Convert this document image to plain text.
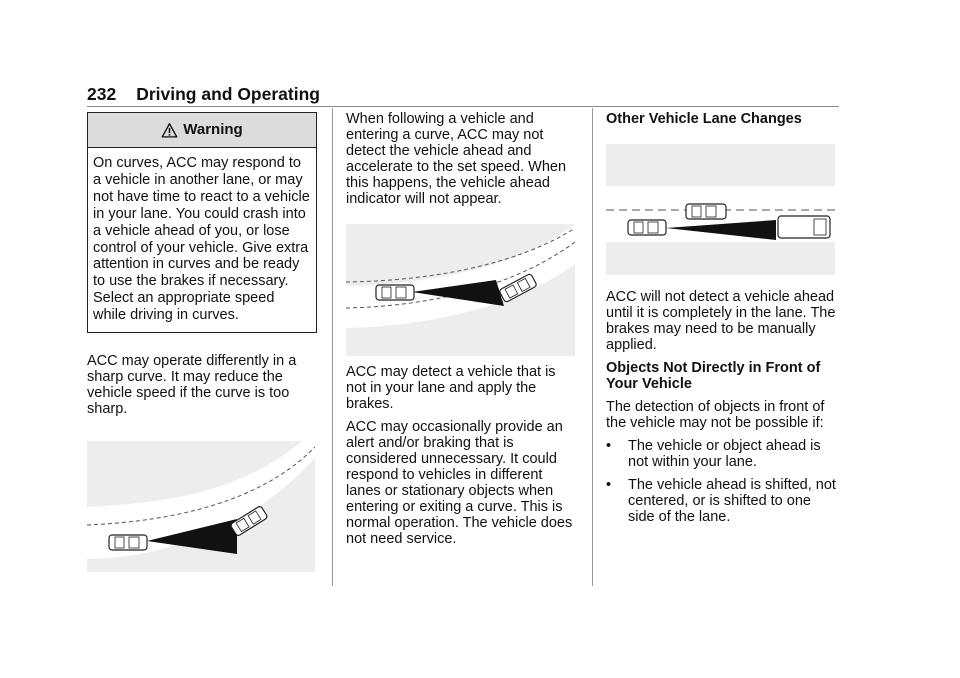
232 Driving and Operating
Warning
On curves, ACC may respond to a vehicle in another lane, or may not have time to react to a vehicle in your lane. You could crash into a vehicle ahead of you, or lose control of your vehicle. Give extra attention in curves and be ready to use the brakes if necessary. Select an appropriate speed while driving in curves.

ACC may operate differently in a sharp curve. It may reduce the vehicle speed if the curve is too sharp.

When following a vehicle and entering a curve, ACC may not detect the vehicle ahead and accelerate to the set speed. When this happens, the vehicle ahead indicator will not appear.

ACC may detect a vehicle that is not in your lane and apply the brakes.

ACC may occasionally provide an alert and/or braking that is considered unnecessary. It could respond to vehicles in different lanes or stationary objects when entering or exiting a curve. This is normal operation. The vehicle does not need service.

Other Vehicle Lane Changes

ACC will not detect a vehicle ahead until it is completely in the lane. The brakes may need to be manually applied.

Objects Not Directly in Front of Your Vehicle

The detection of objects in front of the vehicle may not be possible if:

•	The vehicle or object ahead is not within your lane.
•	The vehicle ahead is shifted, not centered, or is shifted to one side of the lane.
